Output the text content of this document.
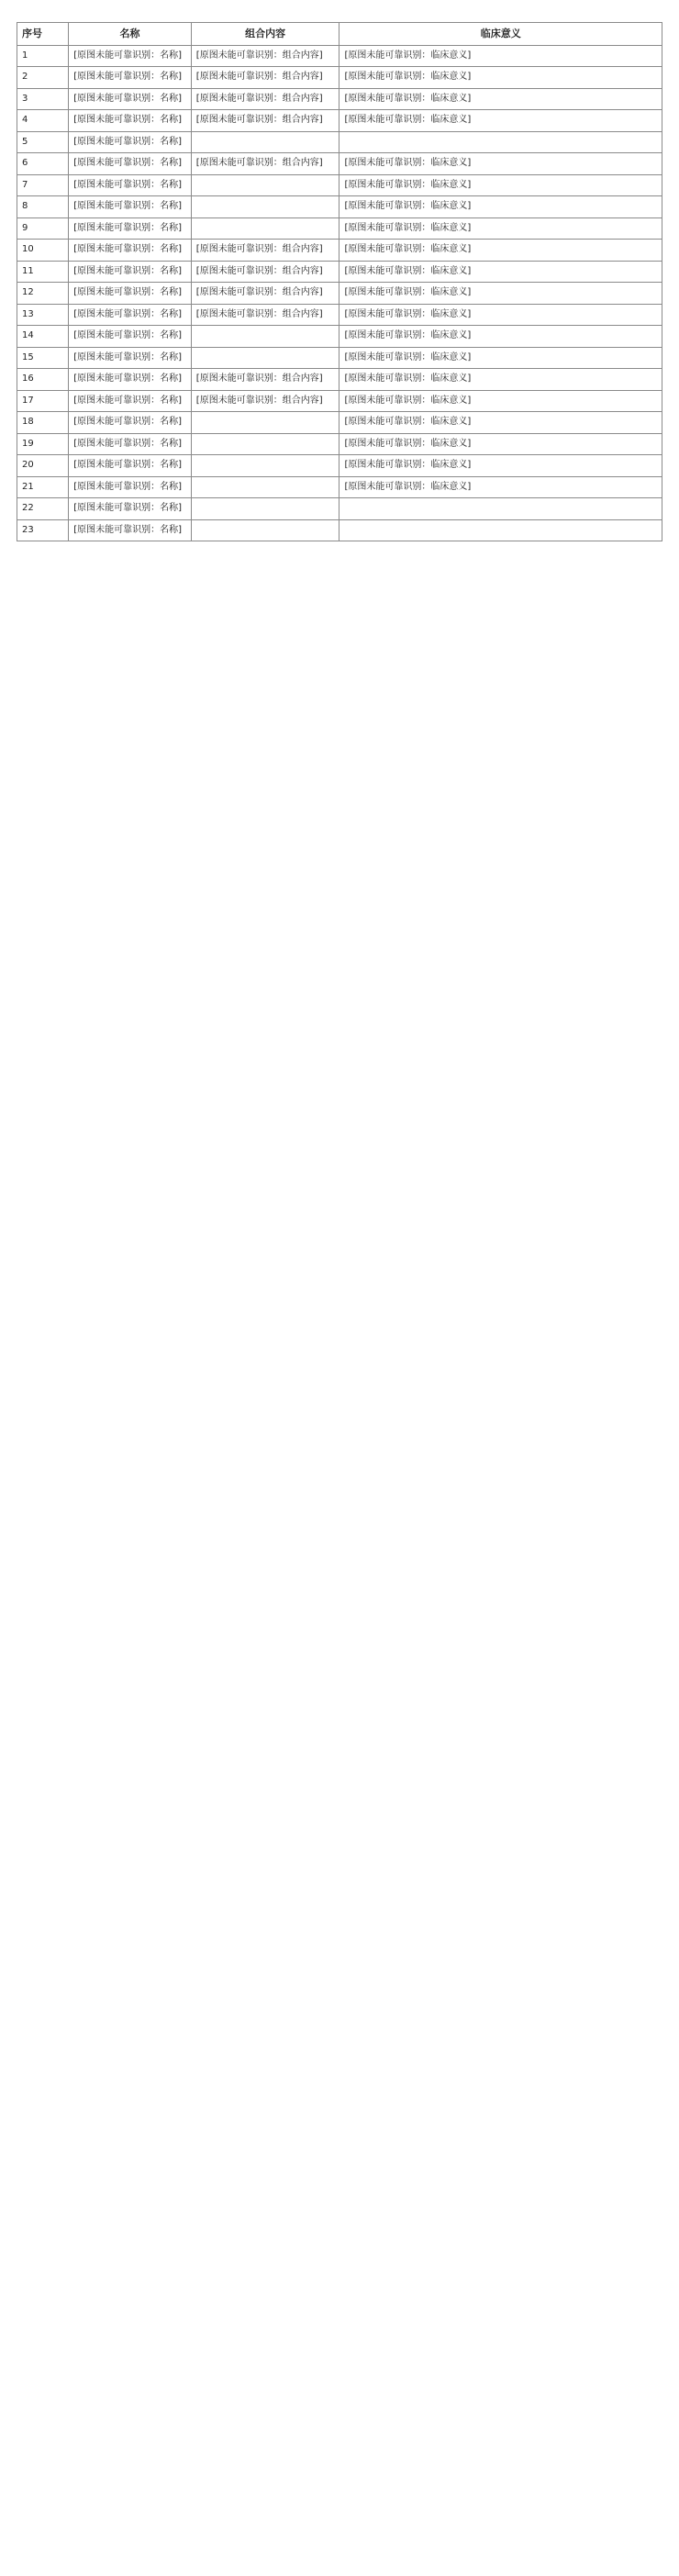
序号	名称	组合内容	临床意义
1	[原图未能可靠识别：名称]	[原图未能可靠识别：组合内容]	[原图未能可靠识别：临床意义]
2	[原图未能可靠识别：名称]	[原图未能可靠识别：组合内容]	[原图未能可靠识别：临床意义]
3	[原图未能可靠识别：名称]	[原图未能可靠识别：组合内容]	[原图未能可靠识别：临床意义]
4	[原图未能可靠识别：名称]	[原图未能可靠识别：组合内容]	[原图未能可靠识别：临床意义]
5	[原图未能可靠识别：名称]		
6	[原图未能可靠识别：名称]	[原图未能可靠识别：组合内容]	[原图未能可靠识别：临床意义]
7	[原图未能可靠识别：名称]		[原图未能可靠识别：临床意义]
8	[原图未能可靠识别：名称]		[原图未能可靠识别：临床意义]
9	[原图未能可靠识别：名称]		[原图未能可靠识别：临床意义]
10	[原图未能可靠识别：名称]	[原图未能可靠识别：组合内容]	[原图未能可靠识别：临床意义]
11	[原图未能可靠识别：名称]	[原图未能可靠识别：组合内容]	[原图未能可靠识别：临床意义]
12	[原图未能可靠识别：名称]	[原图未能可靠识别：组合内容]	[原图未能可靠识别：临床意义]
13	[原图未能可靠识别：名称]	[原图未能可靠识别：组合内容]	[原图未能可靠识别：临床意义]
14	[原图未能可靠识别：名称]		[原图未能可靠识别：临床意义]
15	[原图未能可靠识别：名称]		[原图未能可靠识别：临床意义]
16	[原图未能可靠识别：名称]	[原图未能可靠识别：组合内容]	[原图未能可靠识别：临床意义]
17	[原图未能可靠识别：名称]	[原图未能可靠识别：组合内容]	[原图未能可靠识别：临床意义]
18	[原图未能可靠识别：名称]		[原图未能可靠识别：临床意义]
19	[原图未能可靠识别：名称]		[原图未能可靠识别：临床意义]
20	[原图未能可靠识别：名称]		[原图未能可靠识别：临床意义]
21	[原图未能可靠识别：名称]		[原图未能可靠识别：临床意义]
22	[原图未能可靠识别：名称]		
23	[原图未能可靠识别：名称]		
